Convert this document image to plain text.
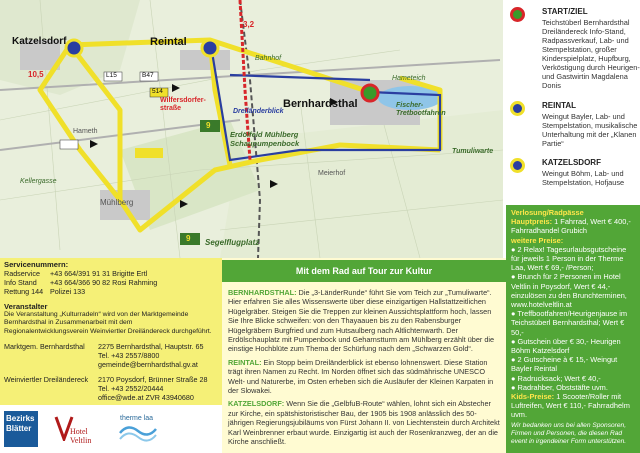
Katzelsdorf	Reintal
Bernhardsthal
Hameth
Mühlberg
Meierhof
Dreiländerblick
Wilfersdorfer-
straße
Erdölfeld Mühlberg
Schaupumpenbock
Segelflugplatz
Tumuliwarte
Fischer-
Tretbootfahren
Hameteich
Bahnhof
Kellergasse
3,2
10,5	L15	B47
514
9
9
START/ZIEL
Teichstüberl Bernhardsthal Dreiländereck Info-Stand, Radpassverkauf, Lab- und Stempelstation, großer Kinderspielplatz, Hupfburg, Verköstigung durch Heurigen- und Gastwirtin Magdalena Donis
REINTAL
Weingut Bayler, Lab- und Stempelstation, musikalische Unterhaltung mit der „Klanen Partie“
KATZELSDORF
Weingut Böhm, Lab- und Stempelstation, Hofjause

Verlosung/Radpässe

Hauptpreis: 1 Fahrrad, Wert € 400,- Fahrradhandel Grubich

weitere Preise:

● 2 Relax! Tagesurlaubsgutscheine für jeweils 1 Person in der Therme Laa, Wert € 69,- /Person;

● Brunch für 2 Personen im Hotel Veltlin in Poysdorf, Wert € 44,- einzulösen zu den Brunchterminen, www.hotelveltlin.at

● Treffbootfahren/Heurigenjause im Teichstüberl Bernhardsthal; Wert € 50,-

● Gutschein über € 30,- Heurigen Böhm Katzelsdorf

● 2 Gutscheine à € 15,- Weingut Bayler Reintal

● Radrucksack; Wert € 40,-

● Radrahber, Obststäfte uvm.

Kids-Preise: 1 Scooter/Roller mit Luftreifen, Wert € 110,- Fahrradhelm uvm.

Wir bedanken uns bei allen Sponsoren, Firmen und Personen, die diesen Rad event in irgendeiner Form unterstützen.

Servicenummern:
Radservice	+43 664/391 91 31 Brigitte Ertl
Info Stand	+43 664/366 90 82 Rosi Rahming
Rettung 144 Polizei 133
Veranstalter
Die Veranstaltung „Kulturradeln“ wird von der Marktgemeinde Bernhardsthal in Zusammenarbeit mit dem Regionalentwicklungsverein Weinviertler Dreiländereck durchgeführt.
Marktgem. Bernhardsthal	2275 Bernhardsthal, Hauptstr. 65
Tel. +43 2557/8800
gemeinde@bernhardsthal.gv.at
Weinviertler Dreiländereck	2170 Poysdorf, Brünner Straße 28
Tel. +43 2552/20444
office@wde.at ZVR 43940680
Bezirks
Blätter	Hotel Veltlin
therme laa
Mit dem Rad auf Tour zur Kultur

BERNHARDSTHAL: Die „3-LänderRunde“ führt Sie vom Teich zur „Tumuliwarte“. Hier erfahren Sie alles Wissenswerte über diese einzigartigen Hallstattzeitlichen Hügelgräber. Steigen Sie die Treppen zur kleinen Aussichtsplattform hoch, lassen Sie Ihre Blicke schweifen: von den Thayaauen bis zu den Rabensburger Hügelgräbern Burgfried und zum Hutsaulberg nach Altlichtenwarth. Der Erdölschauplatz mit Pumpenbock und Geharnstturm am Mühlberg erzählt über die einstige Hochblüte zum Thema der Schürfung nach dem „Schwarzen Gold“.

REINTAL: Ein Stopp beim Dreiländerblick ist ebenso lohnenswert. Diese Station trägt ihren Namen zu Recht. Im Norden öffnet sich das südmährische UNESCO Welt- und Naturerbe, im Osten erheben sich die Ausläufer der Kleinen Karpaten in der Slowakei.

KATZELSDORF: Wenn Sie die „GelbfuB-Route“ wählen, lohnt sich ein Abstecher zur Kirche, ein spätshistoristischer Bau, der 1905 bis 1908 anlässlich des 50-jährigen Regierungsjubiläums von Fürst Johann II. von Liechtenstein durch Architekt Karl Weinbrenner erbaut wurde. Einzigartig ist auch der Rosenkranzweg, der an die Kirche anschließt.
